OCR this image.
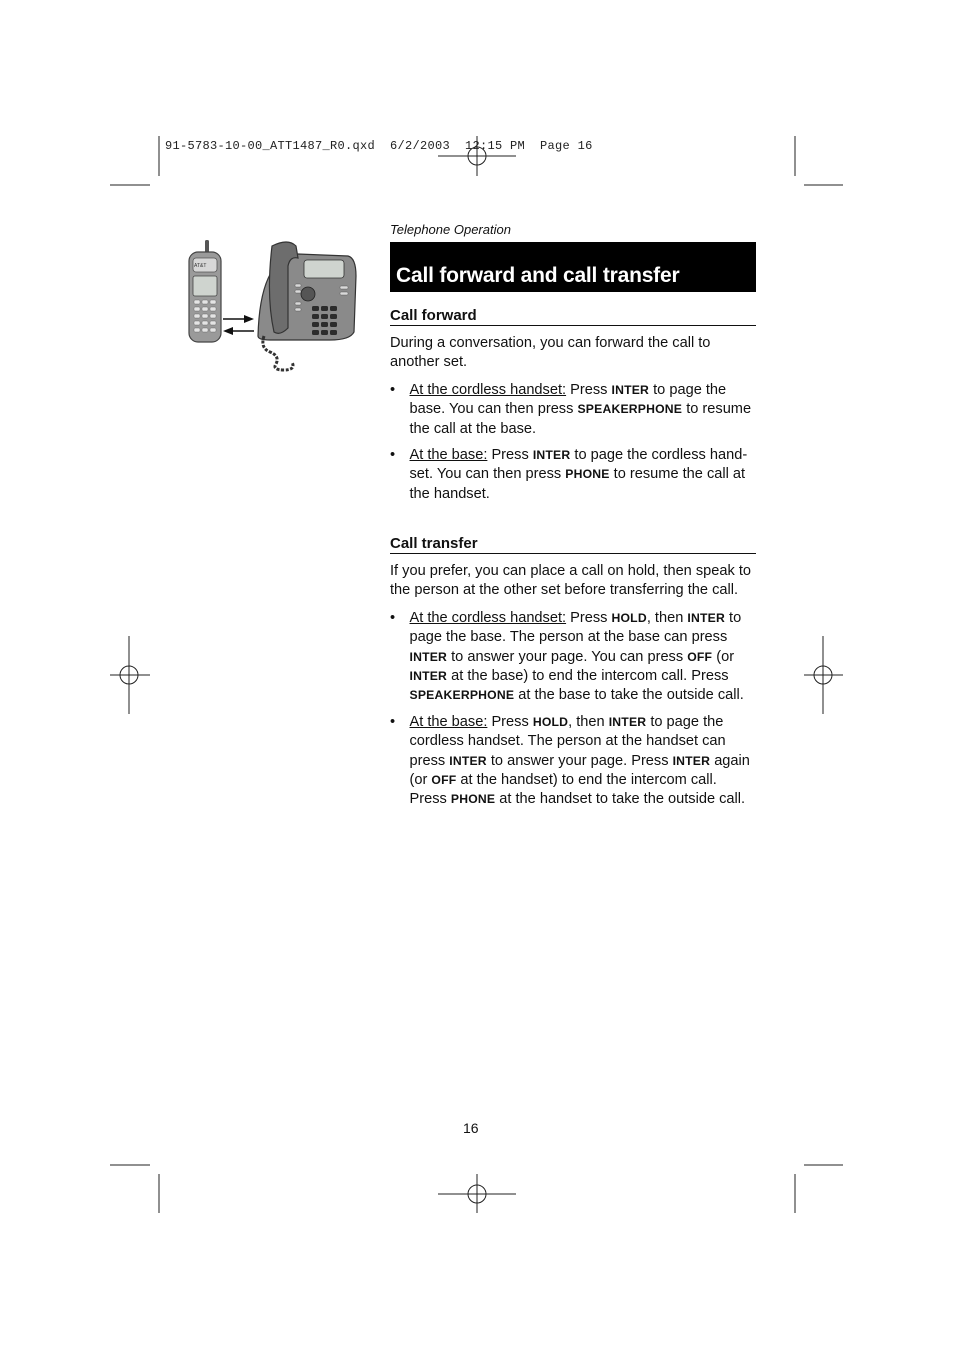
91-5783-10-00_ATT1487_R0.qxd  6/2/2003  12:15 PM  Page 16
AT&T
Telephone Operation
Call forward and call transfer
Call forward
During a conversation, you can forward the call to another set.
• At the cordless handset: Press INTER to page the base. You can then press SPEAKERPHONE to resume the call at the base.
• At the base: Press INTER to page the cordless hand-set. You can then press PHONE to resume the call at the handset.
Call transfer
If you prefer, you can place a call on hold, then speak to the person at the other set before transferring the call.
• At the cordless handset: Press HOLD, then INTER to page the base. The person at the base can press INTER to answer your page. You can press OFF (or INTER at the base) to end the intercom call. Press SPEAKERPHONE at the base to take the outside call.
• At the base: Press HOLD, then INTER to page the cordless handset. The person at the handset can press INTER to answer your page. Press INTER again (or OFF at the handset) to end the intercom call. Press PHONE at the handset to take the outside call.
16
